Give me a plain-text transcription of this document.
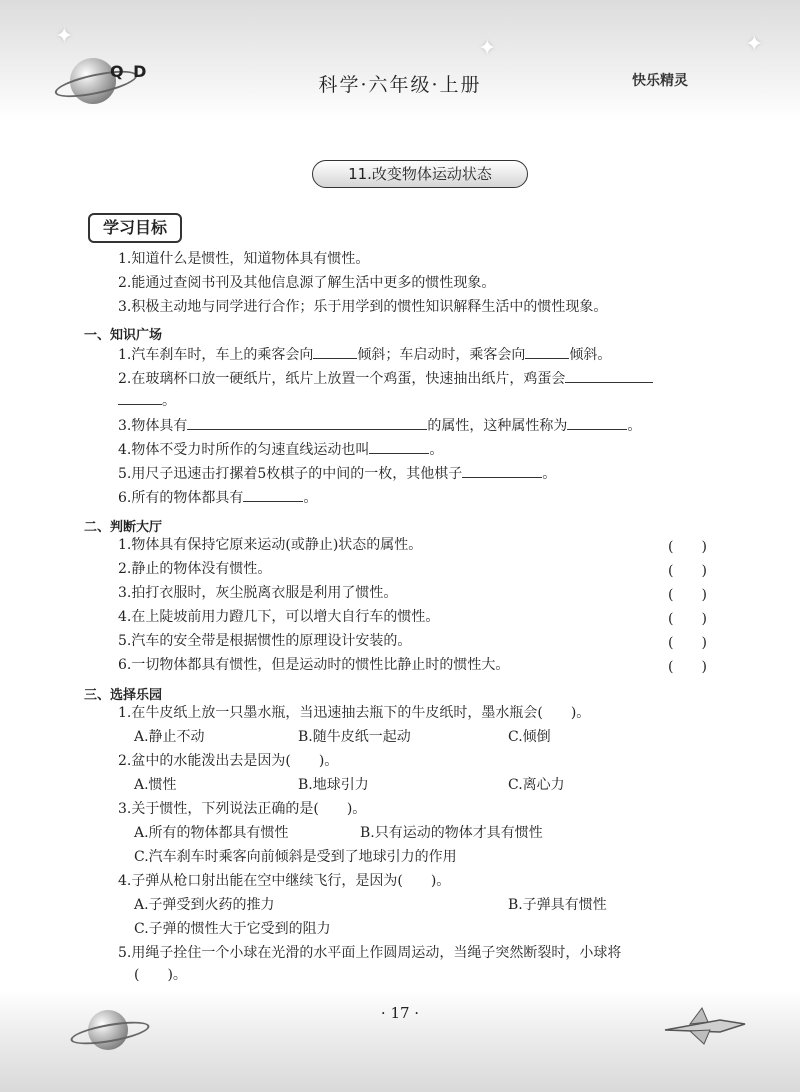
✦	✦	✦
Q D
科学·六年级·上册	快乐精灵
11.改变物体运动状态
学习目标
1.知道什么是惯性，知道物体具有惯性。
2.能通过查阅书刊及其他信息源了解生活中更多的惯性现象。
3.积极主动地与同学进行合作；乐于用学到的惯性知识解释生活中的惯性现象。
一、知识广场
1.汽车刹车时，车上的乘客会向	倾斜；车启动时，乘客会向	倾斜。
2.在玻璃杯口放一硬纸片，纸片上放置一个鸡蛋，快速抽出纸片，鸡蛋会
。
3.物体具有	的属性，这种属性称为	。
4.物体不受力时所作的匀速直线运动也叫	。
5.用尺子迅速击打摞着5枚棋子的中间的一枚，其他棋子	。
6.所有的物体都具有	。
二、判断大厅
1.物体具有保持它原来运动(或静止)状态的属性。	(　　)
2.静止的物体没有惯性。	(　　)
3.拍打衣服时，灰尘脱离衣服是利用了惯性。	(　　)
4.在上陡坡前用力蹬几下，可以增大自行车的惯性。	(　　)
5.汽车的安全带是根据惯性的原理设计安装的。	(　　)
6.一切物体都具有惯性，但是运动时的惯性比静止时的惯性大。	(　　)
三、选择乐园
1.在牛皮纸上放一只墨水瓶，当迅速抽去瓶下的牛皮纸时，墨水瓶会(　　)。
A.静止不动	B.随牛皮纸一起动	C.倾倒
2.盆中的水能泼出去是因为(　　)。
A.惯性	B.地球引力	C.离心力
3.关于惯性，下列说法正确的是(　　)。
A.所有的物体都具有惯性	B.只有运动的物体才具有惯性
C.汽车刹车时乘客向前倾斜是受到了地球引力的作用
4.子弹从枪口射出能在空中继续飞行，是因为(　　)。
A.子弹受到火药的推力	B.子弹具有惯性
C.子弹的惯性大于它受到的阻力
5.用绳子拴住一个小球在光滑的水平面上作圆周运动，当绳子突然断裂时，小球将
(　　)。
· 17 ·
